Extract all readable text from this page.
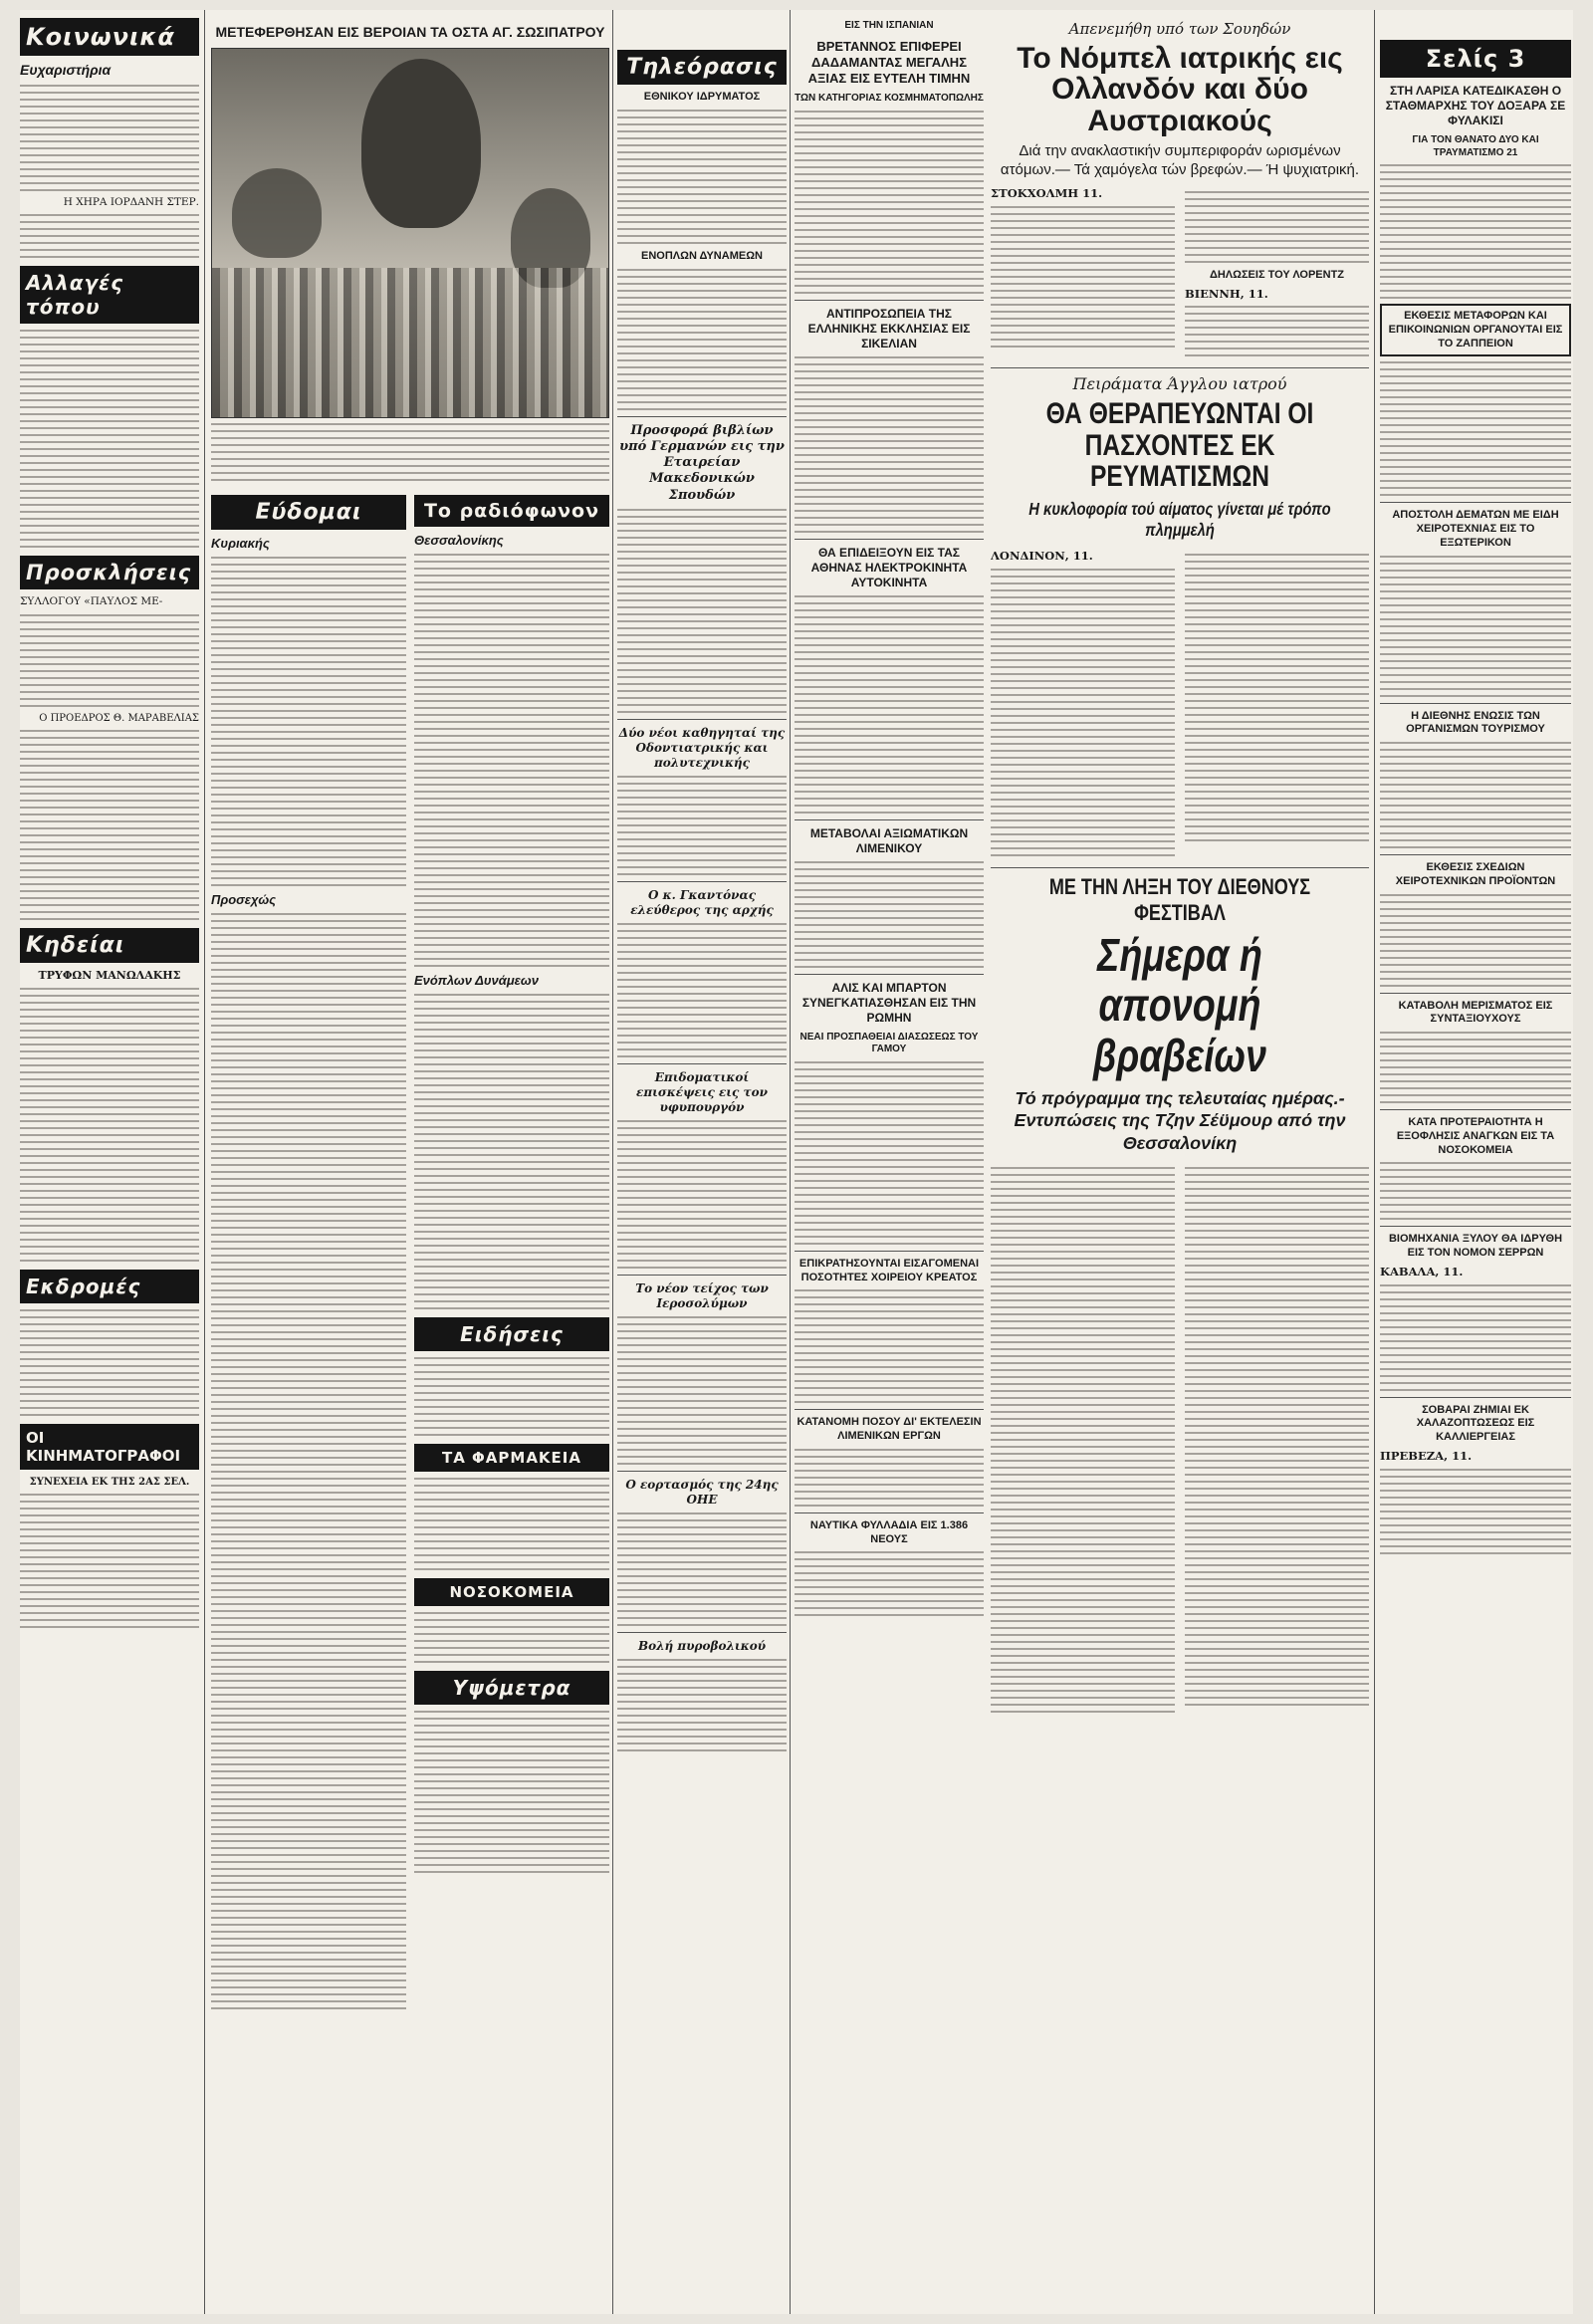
Κοινωνικά
Ευχαριστήρια
Η ΧΗΡΑ ΙΟΡΔΑΝΗ ΣΤΕΡ.
Αλλαγές τόπου
Προσκλήσεις
ΣΥΛΛΟΓΟΥ «ΠΑΥΛΟΣ ΜΕ-
Ο ΠΡΟΕΔΡΟΣ Θ. ΜΑΡΑΒΕΛΙΑΣ
Κηδείαι
ΤΡΥΦΩΝ ΜΑΝΩΛΑΚΗΣ
Εκδρομές
ΟΙ ΚΙΝΗΜΑΤΟΓΡΑΦΟΙ
ΣΥΝΕΧΕΙΑ ΕΚ ΤΗΣ 2ΑΣ ΣΕΛ.
ΜΕΤΕΦΕΡΘΗΣΑΝ ΕΙΣ ΒΕΡΟΙΑΝ ΤΑ ΟΣΤΑ ΑΓ. ΣΩΣΙΠΑΤΡΟΥ
Εύδομαι
Κυριακής
Προσεχώς
Το ραδιόφωνον
Θεσσαλονίκης
Ενόπλων Δυνάμεων
Ειδήσεις
ΤΑ ΦΑΡΜΑΚΕΙΑ
ΝΟΣΟΚΟΜΕΙΑ
Υψόμετρα
Τηλεόρασις
ΕΘΝΙΚΟΥ ΙΔΡΥΜΑΤΟΣ
ΕΝΟΠΛΩΝ ΔΥΝΑΜΕΩΝ
Προσφορά βιβλίων υπό Γερμανών εις την Εταιρείαν Μακεδονικών Σπουδών
Δύο νέοι καθηγηταί της Οδοντιατρικής και πολυτεχνικής
Ο κ. Γκαντόνας ελεύθερος της αρχής
Επιδοματικοί επισκέψεις εις τον υφυπουργόν
Το νέον τείχος των Ιεροσολύμων
Ο εορτασμός της 24ης ΟΗΕ
Βολή πυροβολικού
ΕΙΣ ΤΗΝ ΙΣΠΑΝΙΑΝ
ΒΡΕΤΑΝΝΟΣ ΕΠΙΦΕΡΕΙ ΔΑΔΑΜΑΝΤΑΣ ΜΕΓΑΛΗΣ ΑΞΙΑΣ ΕΙΣ ΕΥΤΕΛΗ ΤΙΜΗΝ
ΤΩΝ ΚΑΤΗΓΟΡΙΑΣ ΚΟΣΜΗΜΑΤΟΠΩΛΗΣ
ΑΝΤΙΠΡΟΣΩΠΕΙΑ ΤΗΣ ΕΛΛΗΝΙΚΗΣ ΕΚΚΛΗΣΙΑΣ ΕΙΣ ΣΙΚΕΛΙΑΝ
ΘΑ ΕΠΙΔΕΙΞΟΥΝ ΕΙΣ ΤΑΣ ΑΘΗΝΑΣ ΗΛΕΚΤΡΟΚΙΝΗΤΑ ΑΥΤΟΚΙΝΗΤΑ
ΜΕΤΑΒΟΛΑΙ ΑΞΙΩΜΑΤΙΚΩΝ ΛΙΜΕΝΙΚΟΥ
ΑΛΙΣ ΚΑΙ ΜΠΑΡΤΟΝ ΣΥΝΕΓΚΑΤΙΑΣΘΗΣΑΝ ΕΙΣ ΤΗΝ ΡΩΜΗΝ
ΝΕΑΙ ΠΡΟΣΠΑΘΕΙΑΙ ΔΙΑΣΩΣΕΩΣ ΤΟΥ ΓΑΜΟΥ
ΕΠΙΚΡΑΤΗΣΟΥΝΤΑΙ ΕΙΣΑΓΟΜΕΝΑΙ ΠΟΣΟΤΗΤΕΣ ΧΟΙΡΕΙΟΥ ΚΡΕΑΤΟΣ
ΚΑΤΑΝΟΜΗ ΠΟΣΟΥ ΔΙ' ΕΚΤΕΛΕΣΙΝ ΛΙΜΕΝΙΚΩΝ ΕΡΓΩΝ
ΝΑΥΤΙΚΑ ΦΥΛΛΑΔΙΑ ΕΙΣ 1.386 ΝΕΟΥΣ
Απενεμήθη υπό των Σουηδών
Το Νόμπελ ιατρικής εις Ολλανδόν και δύο Αυστριακούς
Διά την ανακλαστικήν συμπεριφοράν ωρισμένων ατόμων.— Τά χαμόγελα τών βρεφών.— Ή ψυχιατρική.
ΣΤΟΚΧΟΛΜΗ 11.
ΔΗΛΩΣΕΙΣ ΤΟΥ ΛΟΡΕΝΤΖ
ΒΙΕΝΝΗ, 11.
Πειράματα Άγγλου ιατρού
ΘΑ ΘΕΡΑΠΕΥΩΝΤΑΙ ΟΙ ΠΑΣΧΟΝΤΕΣ ΕΚ ΡΕΥΜΑΤΙΣΜΩΝ
Η κυκλοφορία τού αίματος γίνεται μέ τρόπο πλημμελή
ΛΟΝΔΙΝΟΝ, 11.
ΜΕ ΤΗΝ ΛΗΞΗ ΤΟΥ ΔΙΕΘΝΟΥΣ ΦΕΣΤΙΒΑΛ
Σήμερα ή απονομή βραβείων
Τό πρόγραμμα της τελευταίας ημέρας.- Εντυπώσεις της Τζην Σέϋμουρ από την Θεσσαλονίκη
Σελίς 3
ΣΤΗ ΛΑΡΙΣΑ ΚΑΤΕΔΙΚΑΣΘΗ Ο ΣΤΑΘΜΑΡΧΗΣ ΤΟΥ ΔΟΞΑΡΑ ΣΕ ΦΥΛΑΚΙΣΙ
ΓΙΑ ΤΟΝ ΘΑΝΑΤΟ ΔΥΟ ΚΑΙ ΤΡΑΥΜΑΤΙΣΜΟ 21
ΕΚΘΕΣΙΣ ΜΕΤΑΦΟΡΩΝ ΚΑΙ ΕΠΙΚΟΙΝΩΝΙΩΝ ΟΡΓΑΝΟΥΤΑΙ ΕΙΣ ΤΟ ΖΑΠΠΕΙΟΝ
ΑΠΟΣΤΟΛΗ ΔΕΜΑΤΩΝ ΜΕ ΕΙΔΗ ΧΕΙΡΟΤΕΧΝΙΑΣ ΕΙΣ ΤΟ ΕΞΩΤΕΡΙΚΟΝ
Η ΔΙΕΘΝΗΣ ΕΝΩΣΙΣ ΤΩΝ ΟΡΓΑΝΙΣΜΩΝ ΤΟΥΡΙΣΜΟΥ
ΕΚΘΕΣΙΣ ΣΧΕΔΙΩΝ ΧΕΙΡΟΤΕΧΝΙΚΩΝ ΠΡΟΪΟΝΤΩΝ
ΚΑΤΑΒΟΛΗ ΜΕΡΙΣΜΑΤΟΣ ΕΙΣ ΣΥΝΤΑΞΙΟΥΧΟΥΣ
ΚΑΤΑ ΠΡΟΤΕΡΑΙΟΤΗΤΑ Η ΕΞΟΦΛΗΣΙΣ ΑΝΑΓΚΩΝ ΕΙΣ ΤΑ ΝΟΣΟΚΟΜΕΙΑ
ΒΙΟΜΗΧΑΝΙΑ ΞΥΛΟΥ ΘΑ ΙΔΡΥΘΗ ΕΙΣ ΤΟΝ ΝΟΜΟΝ ΣΕΡΡΩΝ
ΚΑΒΑΛΑ, 11.
ΣΟΒΑΡΑΙ ΖΗΜΙΑΙ ΕΚ ΧΑΛΑΖΟΠΤΩΣΕΩΣ ΕΙΣ ΚΑΛΛΙΕΡΓΕΙΑΣ
ΠΡΕΒΕΖΑ, 11.
